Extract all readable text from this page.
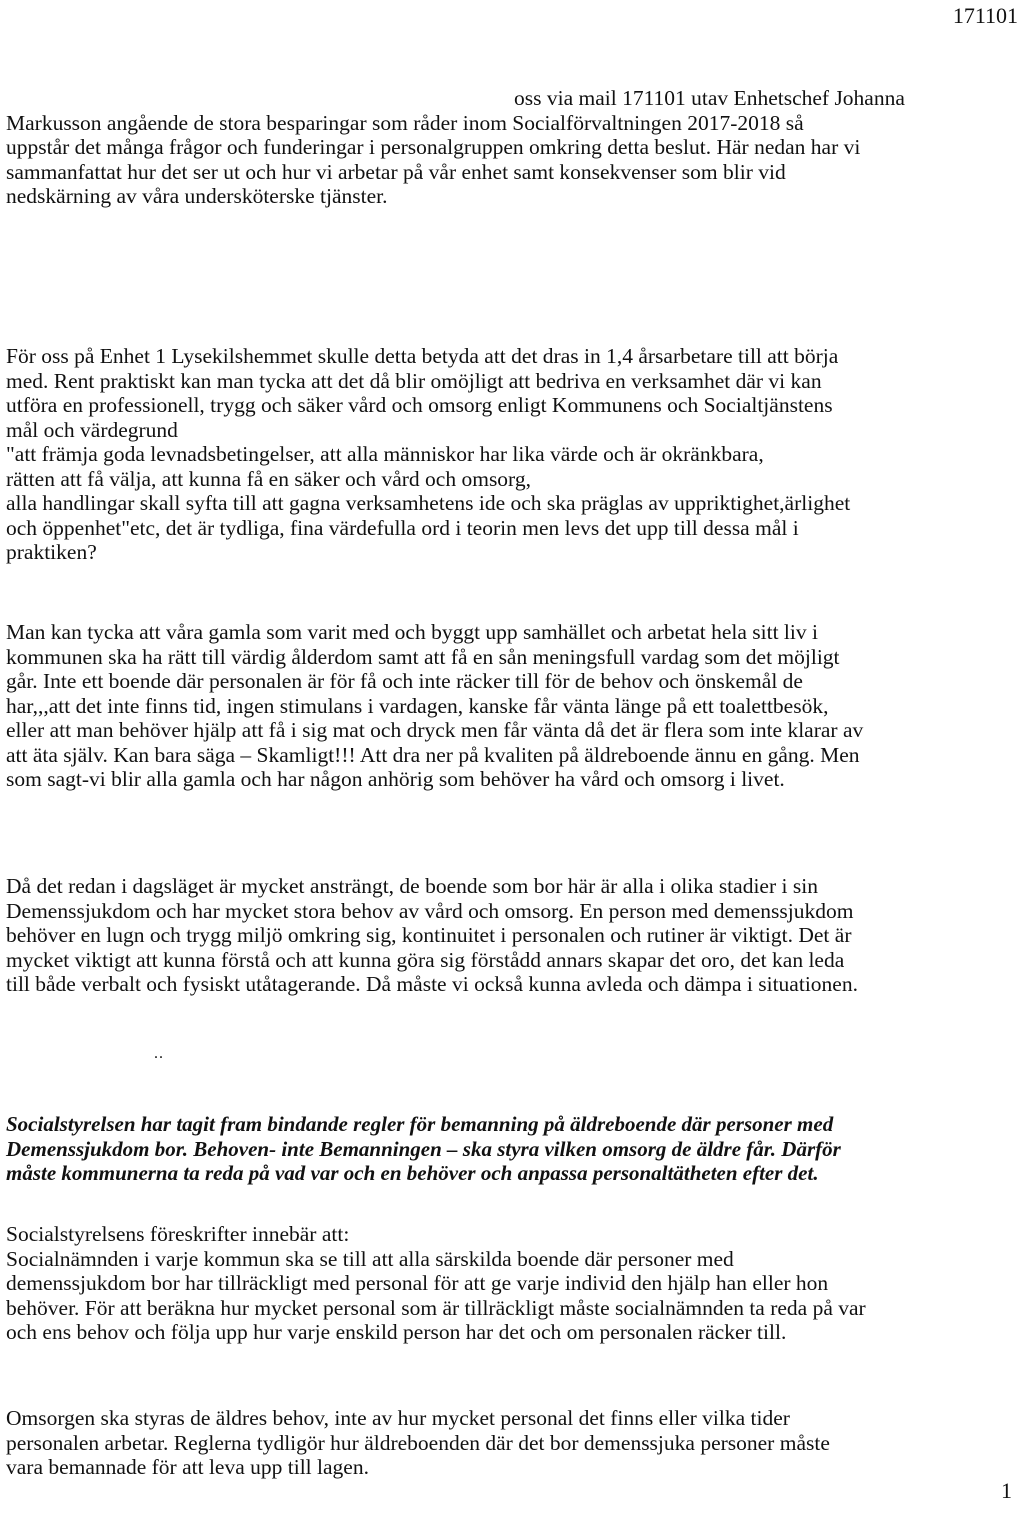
171101

oss via mail 171101 utav Enhetschef Johanna
Markusson angående de stora besparingar som råder inom Socialförvaltningen 2017-2018 så
uppstår det många frågor och funderingar i personalgruppen omkring detta beslut. Här nedan har vi
sammanfattat hur det ser ut och hur vi arbetar på vår enhet samt konsekvenser som blir vid
nedskärning av våra undersköterske tjänster.

För oss på Enhet 1 Lysekilshemmet skulle detta betyda att det dras in 1,4 årsarbetare till att börja
med. Rent praktiskt kan man tycka att det då blir omöjligt att bedriva en verksamhet där vi kan
utföra en professionell, trygg och säker vård och omsorg enligt Kommunens och Socialtjänstens
mål och värdegrund
"att främja goda levnadsbetingelser, att alla människor har lika värde och är okränkbara,
rätten att få välja, att kunna få en säker och vård och omsorg,
alla handlingar skall syfta till att gagna verksamhetens ide och ska präglas av uppriktighet,ärlighet
och öppenhet"etc, det är tydliga, fina värdefulla ord i teorin men levs det upp till dessa mål i
praktiken?

Man kan tycka att våra gamla som varit med och byggt upp samhället och arbetat hela sitt liv i
kommunen ska ha rätt till värdig ålderdom samt att få en sån meningsfull vardag som det möjligt
går. Inte ett boende där personalen är för få och inte räcker till för de behov och önskemål de
har,,,att det inte finns tid, ingen stimulans i vardagen, kanske får vänta länge på ett toalettbesök,
eller att man behöver hjälp att få i sig mat och dryck men får vänta då det är flera som inte klarar av
att äta själv. Kan bara säga – Skamligt!!! Att dra ner på kvaliten på äldreboende ännu en gång. Men
som sagt-vi blir alla gamla och har någon anhörig som behöver ha vård och omsorg i livet.

Då det redan i dagsläget är mycket ansträngt, de boende som bor här är alla i olika stadier i sin
Demenssjukdom och har mycket stora behov av vård och omsorg. En person med demenssjukdom
behöver en lugn och trygg miljö omkring sig, kontinuitet i personalen och rutiner är viktigt. Det är
mycket viktigt att kunna förstå och att kunna göra sig förstådd annars skapar det oro, det kan leda
till både verbalt och fysiskt utåtagerande. Då måste vi också kunna avleda och dämpa i situationen.

..

Socialstyrelsen har tagit fram bindande regler för bemanning på äldreboende där personer med
Demenssjukdom bor. Behoven- inte Bemanningen – ska styra vilken omsorg de äldre får. Därför
måste kommunerna ta reda på vad var och en behöver och anpassa personaltätheten efter det.

Socialstyrelsens föreskrifter innebär att:
Socialnämnden i varje kommun ska se till att alla särskilda boende där personer med
demenssjukdom bor har tillräckligt med personal för att ge varje individ den hjälp han eller hon
behöver. För att beräkna hur mycket personal som är tillräckligt måste socialnämnden ta reda på var
och ens behov och följa upp hur varje enskild person har det och om personalen räcker till.

Omsorgen ska styras de äldres behov, inte av hur mycket personal det finns eller vilka tider
personalen arbetar. Reglerna tydligör hur äldreboenden där det bor demenssjuka personer måste
vara bemannade för att leva upp till lagen.

1
